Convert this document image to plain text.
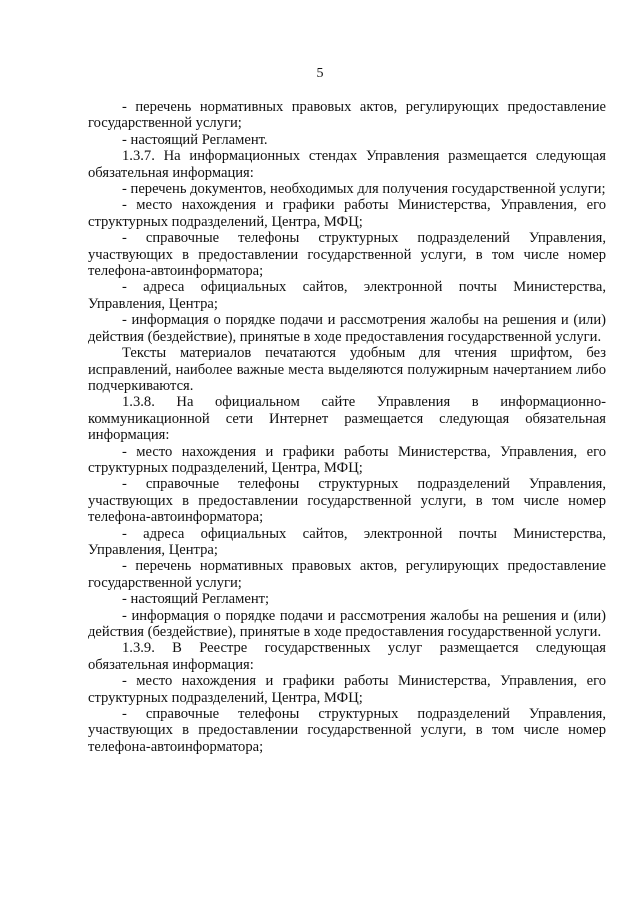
5

- перечень нормативных правовых актов, регулирующих предоставление государственной услуги;

- настоящий Регламент.

1.3.7. На информационных стендах Управления размещается следующая обязательная информация:

- перечень документов, необходимых для получения государственной услуги;

- место нахождения и графики работы Министерства, Управления, его структурных подразделений, Центра, МФЦ;

- справочные телефоны структурных подразделений Управления, участвующих в предоставлении государственной услуги, в том числе номер телефона-автоинформатора;

- адреса официальных сайтов, электронной почты Министерства, Управления, Центра;

- информация о порядке подачи и рассмотрения жалобы на решения и (или) действия (бездействие), принятые в ходе предоставления государственной услуги.

Тексты материалов печатаются удобным для чтения шрифтом, без исправлений, наиболее важные места выделяются полужирным начертанием либо подчеркиваются.

1.3.8. На официальном сайте Управления в информационно-коммуникационной сети Интернет размещается следующая обязательная информация:

- место нахождения и графики работы Министерства, Управления, его структурных подразделений, Центра, МФЦ;

- справочные телефоны структурных подразделений Управления, участвующих в предоставлении государственной услуги, в том числе номер телефона-автоинформатора;

- адреса официальных сайтов, электронной почты Министерства, Управления, Центра;

- перечень нормативных правовых актов, регулирующих предоставление государственной услуги;

- настоящий Регламент;

- информация о порядке подачи и рассмотрения жалобы на решения и (или) действия (бездействие), принятые в ходе предоставления государственной услуги.

1.3.9. В Реестре государственных услуг размещается следующая обязательная информация:

- место нахождения и графики работы Министерства, Управления, его структурных подразделений, Центра, МФЦ;

- справочные телефоны структурных подразделений Управления, участвующих в предоставлении государственной услуги, в том числе номер телефона-автоинформатора;
